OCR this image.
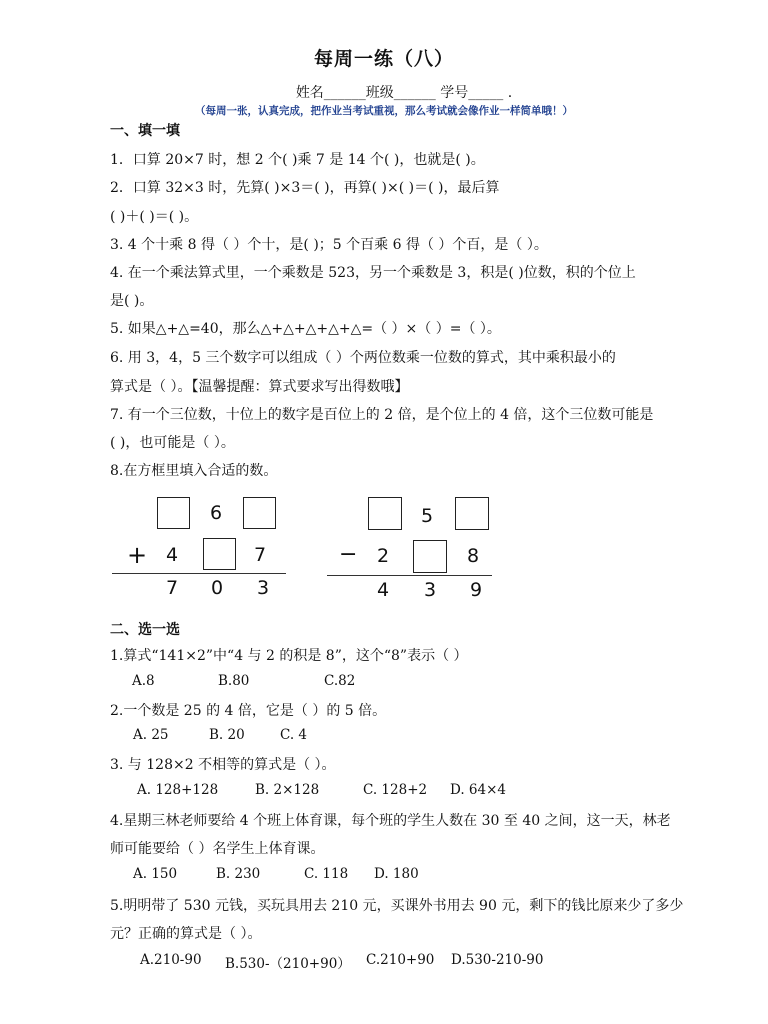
每周一练（八）
姓名______班级______ 学号_____ .
（每周一张，认真完成，把作业当考试重视，那么考试就会像作业一样简单哦！）
一、填一填
1．口算 20×7 时，想 2 个( )乘 7 是 14 个( )，也就是( )。
2．口算 32×3 时，先算( )×3＝( )，再算( )×( )＝( )，最后算
( )＋( )＝( )。
3. 4 个十乘 8 得（ ）个十，是( )；5 个百乘 6 得（ ）个百，是（ ）。
4. 在一个乘法算式里，一个乘数是 523，另一个乘数是 3，积是( )位数，积的个位上
是( )。
5. 如果△+△=40，那么△+△+△+△+△=（ ）×（ ）=（ ）。
6. 用 3，4，5 三个数字可以组成（ ）个两位数乘一位数的算式，其中乘积最小的
算式是（ ）。【温馨提醒：算式要求写出得数哦】
7. 有一个三位数，十位上的数字是百位上的 2 倍，是个位上的 4 倍，这个三位数可能是
( )，也可能是（ ）。
8.在方框里填入合适的数。
6
+ 4	7
7 0 3
5
− 2	8
4 3 9
二、选一选
1.算式“141×2”中“4 与 2 的积是 8”，这个“8”表示（ ）
A.8	B.80	C.82
2.一个数是 25 的 4 倍，它是（ ）的 5 倍。
A. 25	B. 20	C. 4
3. 与 128×2 不相等的算式是（ ）。
A. 128+128	B. 2×128	C. 128+2 D. 64×4
4.星期三林老师要给 4 个班上体育课，每个班的学生人数在 30 至 40 之间，这一天，林老
师可能要给（ ）名学生上体育课。
A. 150	B. 230	C. 118 D. 180
5.明明带了 530 元钱，买玩具用去 210 元，买课外书用去 90 元，剩下的钱比原来少了多少
元？正确的算式是（ ）。
A.210-90 B.530-（210+90） C.210+90 D.530-210-90
